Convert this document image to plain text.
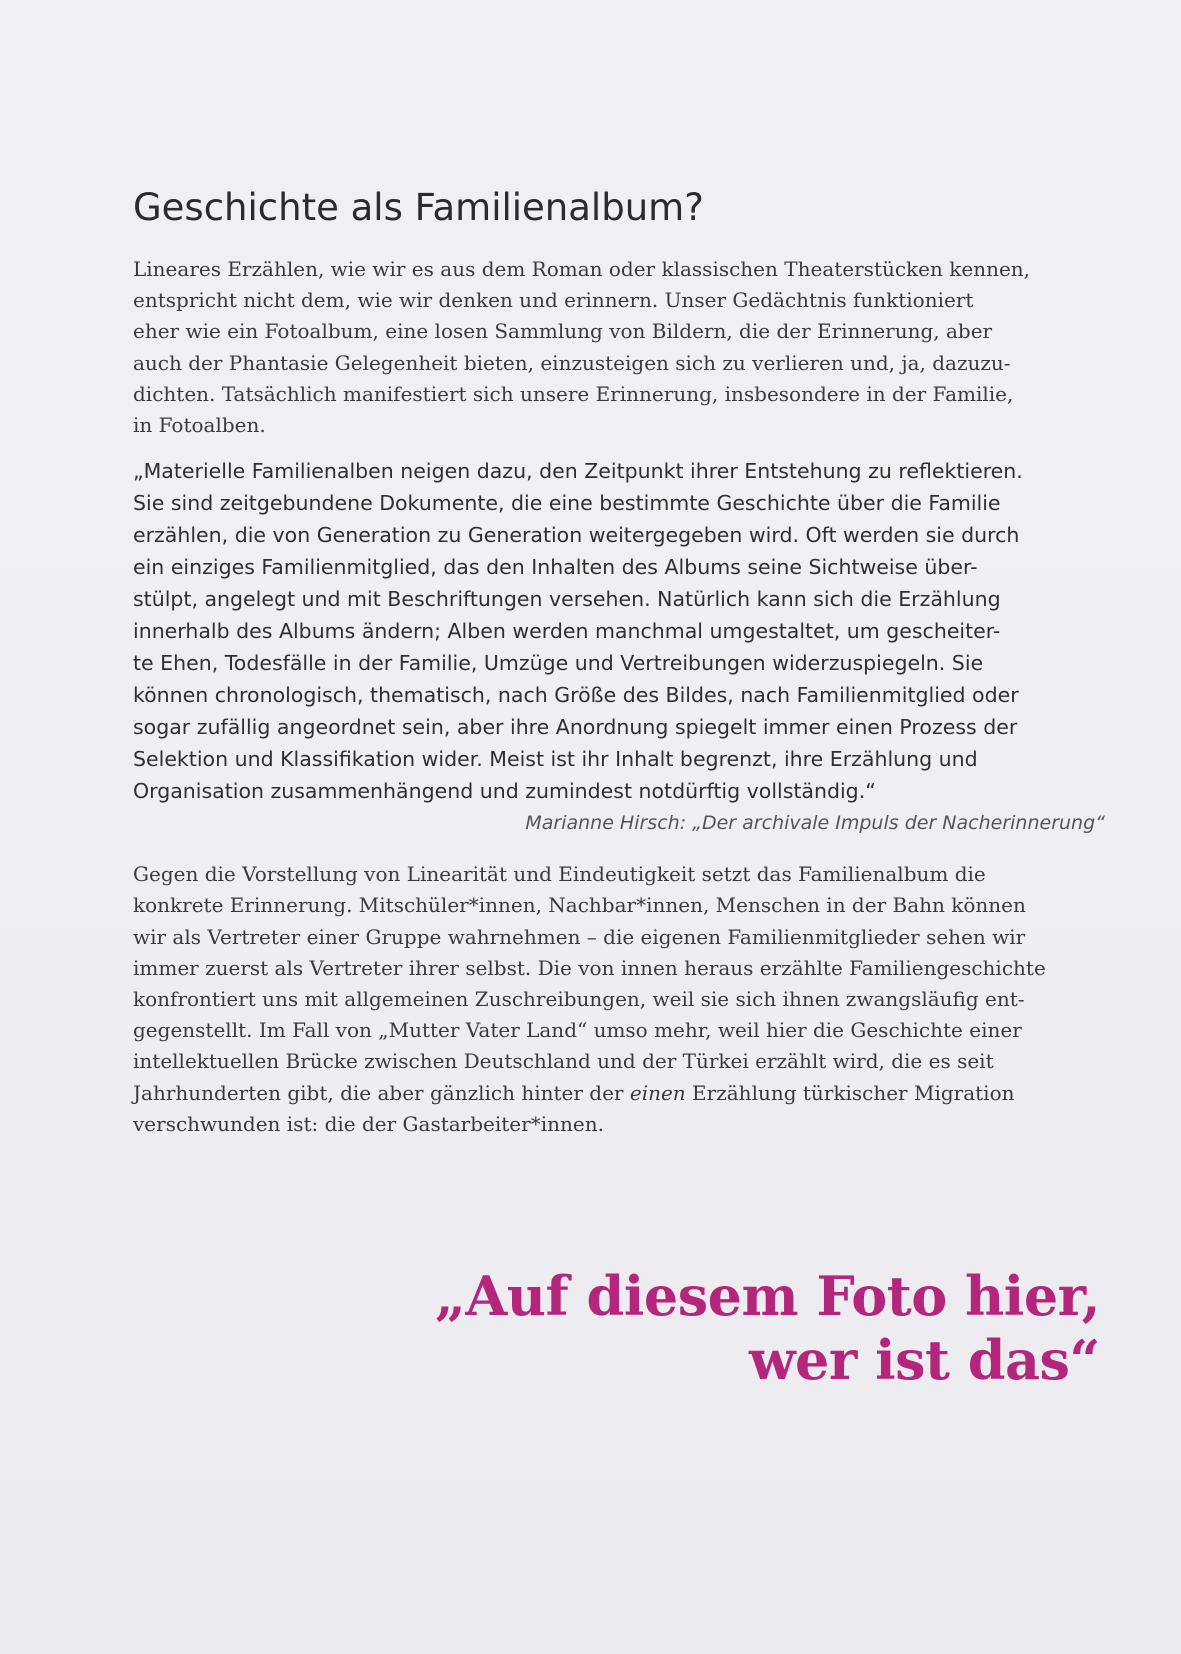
Geschichte als Familienalbum?

Lineares Erzählen, wie wir es aus dem Roman oder klassischen Theaterstücken kennen,
entspricht nicht dem, wie wir denken und erinnern. Unser Gedächtnis funktioniert
eher wie ein Fotoalbum, eine losen Sammlung von Bildern, die der Erinnerung, aber
auch der Phantasie Gelegenheit bieten, einzusteigen sich zu verlieren und, ja, dazuzu-
dichten. Tatsächlich manifestiert sich unsere Erinnerung, insbesondere in der Familie,
in Fotoalben.

„Materielle Familienalben neigen dazu, den Zeitpunkt ihrer Entstehung zu reflektieren.
Sie sind zeitgebundene Dokumente, die eine bestimmte Geschichte über die Familie
erzählen, die von Generation zu Generation weitergegeben wird. Oft werden sie durch
ein einziges Familienmitglied, das den Inhalten des Albums seine Sichtweise über-
stülpt, angelegt und mit Beschriftungen versehen. Natürlich kann sich die Erzählung
innerhalb des Albums ändern; Alben werden manchmal umgestaltet, um gescheiter-
te Ehen, Todesfälle in der Familie, Umzüge und Vertreibungen widerzuspiegeln. Sie
können chronologisch, thematisch, nach Größe des Bildes, nach Familienmitglied oder
sogar zufällig angeordnet sein, aber ihre Anordnung spiegelt immer einen Prozess der
Selektion und Klassifikation wider. Meist ist ihr Inhalt begrenzt, ihre Erzählung und
Organisation zusammenhängend und zumindest notdürftig vollständig.“

Marianne Hirsch: „Der archivale Impuls der Nacherinnerung“

Gegen die Vorstellung von Linearität und Eindeutigkeit setzt das Familienalbum die
konkrete Erinnerung. Mitschüler*innen, Nachbar*innen, Menschen in der Bahn können
wir als Vertreter einer Gruppe wahrnehmen – die eigenen Familienmitglieder sehen wir
immer zuerst als Vertreter ihrer selbst. Die von innen heraus erzählte Familiengeschichte
konfrontiert uns mit allgemeinen Zuschreibungen, weil sie sich ihnen zwangsläufig ent-
gegenstellt. Im Fall von „Mutter Vater Land“ umso mehr, weil hier die Geschichte einer
intellektuellen Brücke zwischen Deutschland und der Türkei erzählt wird, die es seit
Jahrhunderten gibt, die aber gänzlich hinter der einen Erzählung türkischer Migration
verschwunden ist: die der Gastarbeiter*innen.

„Auf diesem Foto hier,
wer ist das“
